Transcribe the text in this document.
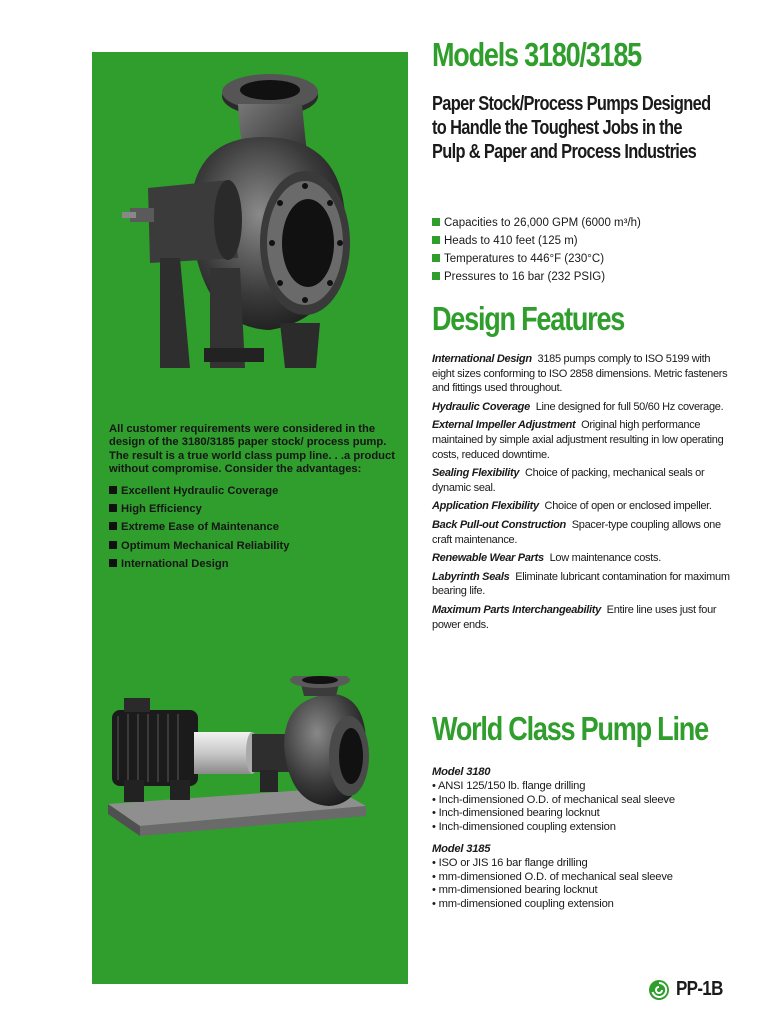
All customer requirements were considered in the design of the 3180/3185 paper stock/ process pump. The result is a true world class pump line. . .a product without compromise. Consider the advantages:
Excellent Hydraulic Coverage
High Efficiency
Extreme Ease of Maintenance
Optimum Mechanical Reliability
International Design
Models 3180/3185
Paper Stock/Process Pumps Designed to Handle the Toughest Jobs in the Pulp & Paper and Process Industries
Capacities to 26,000 GPM (6000 m³/h)
Heads to 410 feet (125 m)
Temperatures to 446°F (230°C)
Pressures to 16 bar (232 PSIG)
Design Features

International Design 3185 pumps comply to ISO 5199 with eight sizes conforming to ISO 2858 dimensions. Metric fasteners and fittings used throughout.

Hydraulic Coverage Line designed for full 50/60 Hz coverage.

External Impeller Adjustment Original high performance maintained by simple axial adjustment resulting in low operating costs, reduced downtime.

Sealing Flexibility Choice of packing, mechanical seals or dynamic seal.

Application Flexibility Choice of open or enclosed impeller.

Back Pull-out Construction Spacer-type coupling allows one craft maintenance.

Renewable Wear Parts Low maintenance costs.

Labyrinth Seals Eliminate lubricant contamination for maximum bearing life.

Maximum Parts Interchangeability Entire line uses just four power ends.

World Class Pump Line
Model 3180
• ANSI 125/150 lb. flange drilling
• Inch-dimensioned O.D. of mechanical seal sleeve
• Inch-dimensioned bearing locknut
• Inch-dimensioned coupling extension
Model 3185
• ISO or JIS 16 bar flange drilling
• mm-dimensioned O.D. of mechanical seal sleeve
• mm-dimensioned bearing locknut
• mm-dimensioned coupling extension
PP-1B
